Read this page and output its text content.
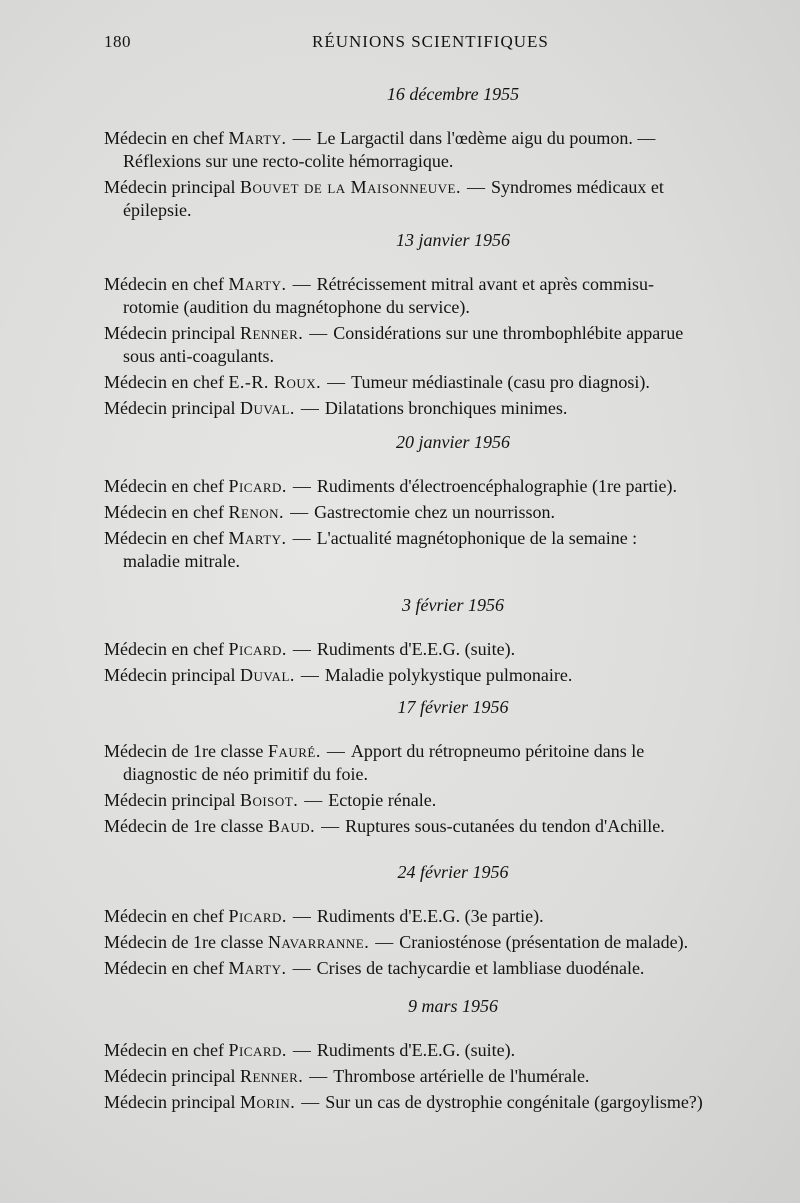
180	RÉUNIONS SCIENTIFIQUES
16 décembre 1955
Médecin en chef Marty. — Le Largactil dans l'œdème aigu du poumon. —
Réflexions sur une recto-colite hémorragique.
Médecin principal Bouvet de la Maisonneuve. — Syndromes médicaux et
épilepsie.
13 janvier 1956
Médecin en chef Marty. — Rétrécissement mitral avant et après commisu-
rotomie (audition du magnétophone du service).
Médecin principal Renner. — Considérations sur une thrombophlébite apparue
sous anti-coagulants.
Médecin en chef E.-R. Roux. — Tumeur médiastinale (casu pro diagnosi).
Médecin principal Duval. — Dilatations bronchiques minimes.
20 janvier 1956
Médecin en chef Picard. — Rudiments d'électroencéphalographie (1re partie).
Médecin en chef Renon. — Gastrectomie chez un nourrisson.
Médecin en chef Marty. — L'actualité magnétophonique de la semaine :
maladie mitrale.
3 février 1956
Médecin en chef Picard. — Rudiments d'E.E.G. (suite).
Médecin principal Duval. — Maladie polykystique pulmonaire.
17 février 1956
Médecin de 1re classe Fauré. — Apport du rétropneumo péritoine dans le
diagnostic de néo primitif du foie.
Médecin principal Boisot. — Ectopie rénale.
Médecin de 1re classe Baud. — Ruptures sous-cutanées du tendon d'Achille.
24 février 1956
Médecin en chef Picard. — Rudiments d'E.E.G. (3e partie).
Médecin de 1re classe Navarranne. — Craniosténose (présentation de malade).
Médecin en chef Marty. — Crises de tachycardie et lambliase duodénale.
9 mars 1956
Médecin en chef Picard. — Rudiments d'E.E.G. (suite).
Médecin principal Renner. — Thrombose artérielle de l'humérale.
Médecin principal Morin. — Sur un cas de dystrophie congénitale (gargoylisme?)
